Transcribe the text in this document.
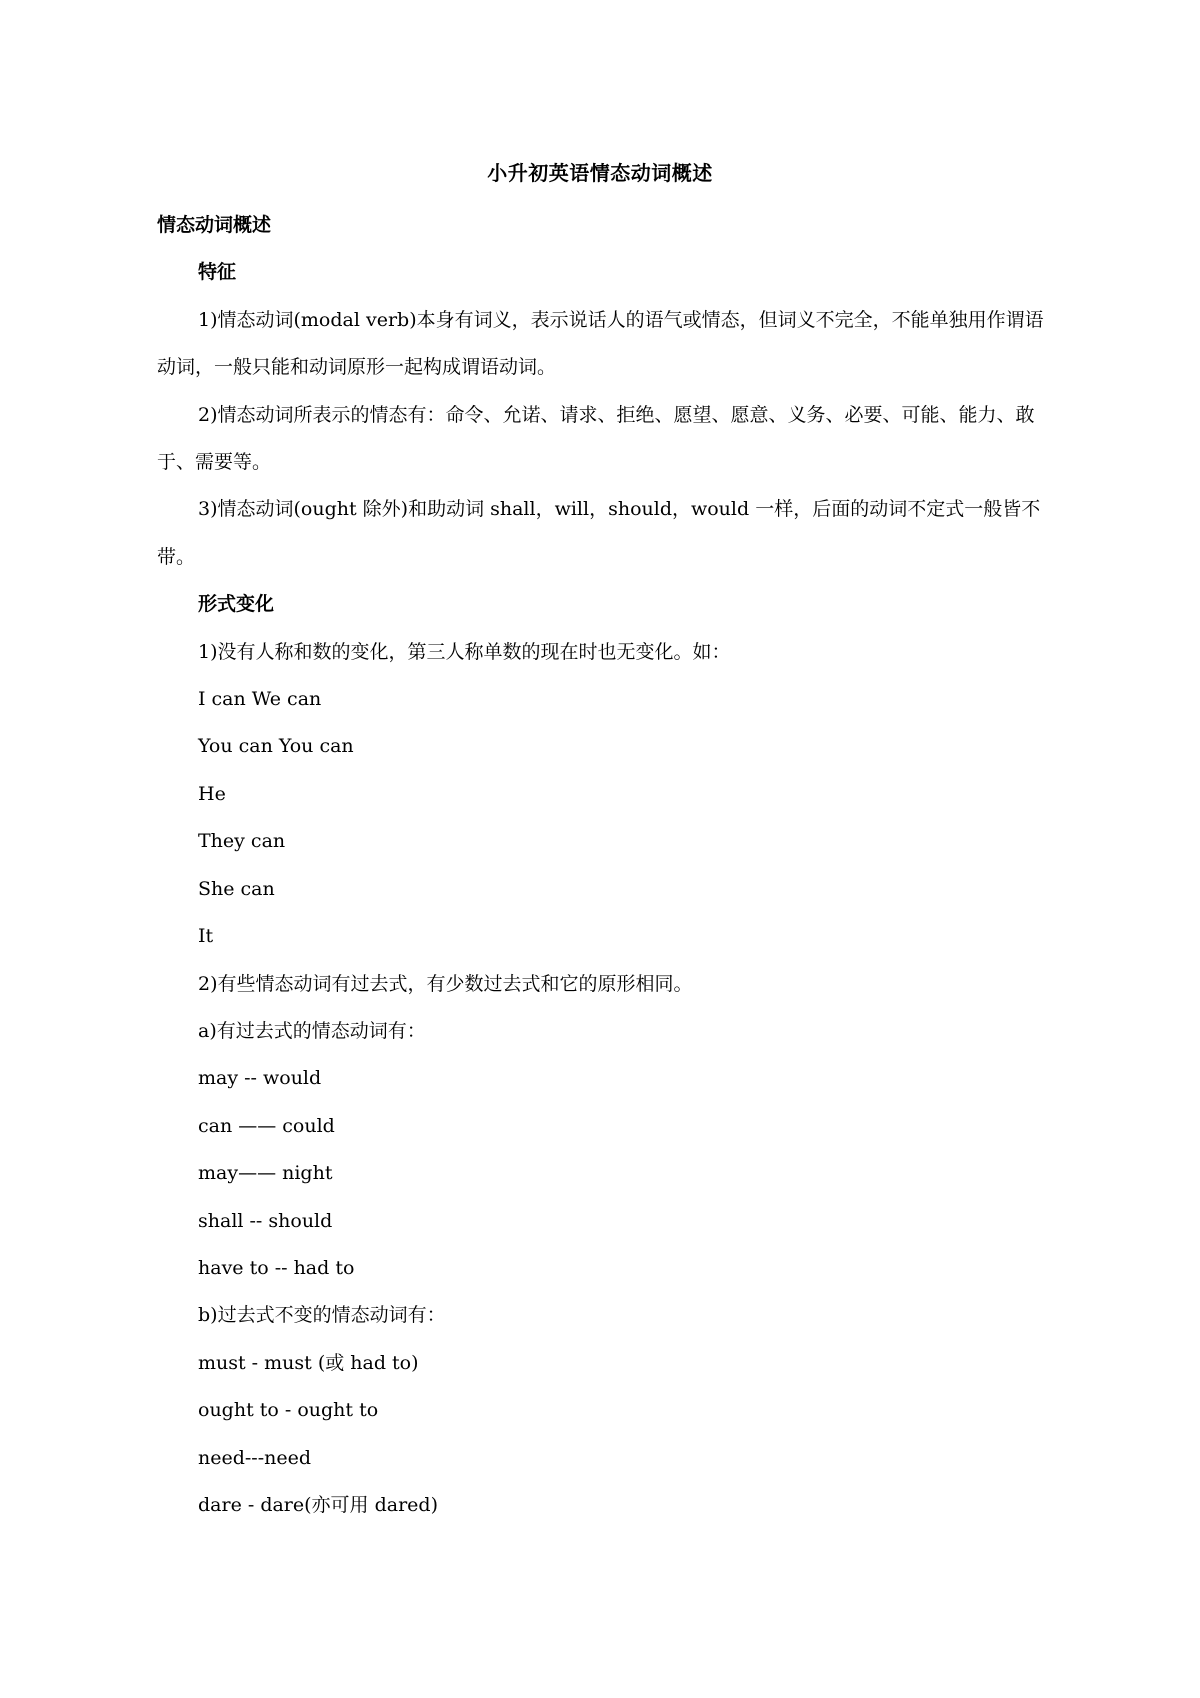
小升初英语情态动词概述

情态动词概述

特征

1)情态动词(modal verb)本身有词义，表示说话人的语气或情态，但词义不完全，不能单独用作谓语动词，一般只能和动词原形一起构成谓语动词。

2)情态动词所表示的情态有：命令、允诺、请求、拒绝、愿望、愿意、义务、必要、可能、能力、敢于、需要等。

3)情态动词(ought 除外)和助动词 shall，will，should，would 一样，后面的动词不定式一般皆不带。

形式变化

1)没有人称和数的变化，第三人称单数的现在时也无变化。如：

I can We can

You can You can

He

They can

She can

It

2)有些情态动词有过去式，有少数过去式和它的原形相同。

a)有过去式的情态动词有：

may -- would

can —— could

may—— night

shall -- should

have to -- had to

b)过去式不变的情态动词有：

must - must (或 had to)

ought to - ought to

need---need

dare - dare(亦可用 dared)
